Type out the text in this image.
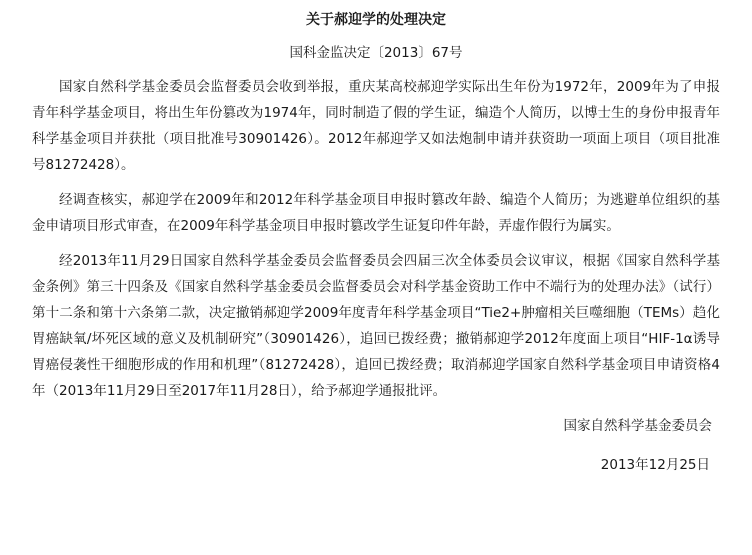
关于郝迎学的处理决定

国科金监决定〔2013〕67号

国家自然科学基金委员会监督委员会收到举报，重庆某高校郝迎学实际出生年份为1972年，2009年为了申报青年科学基金项目，将出生年份篡改为1974年，同时制造了假的学生证，编造个人简历，以博士生的身份申报青年科学基金项目并获批（项目批准号30901426）。2012年郝迎学又如法炮制申请并获资助一项面上项目（项目批准号81272428）。

经调查核实，郝迎学在2009年和2012年科学基金项目申报时篡改年龄、编造个人简历；为逃避单位组织的基金申请项目形式审查，在2009年科学基金项目申报时篡改学生证复印件年龄，弄虚作假行为属实。

经2013年11月29日国家自然科学基金委员会监督委员会四届三次全体委员会议审议，根据《国家自然科学基金条例》第三十四条及《国家自然科学基金委员会监督委员会对科学基金资助工作中不端行为的处理办法》（试行）第十二条和第十六条第二款，决定撤销郝迎学2009年度青年科学基金项目“Tie2+肿瘤相关巨噬细胞（TEMs）趋化胃癌缺氧/坏死区域的意义及机制研究”（30901426），追回已拨经费；撤销郝迎学2012年度面上项目“HIF-1α诱导胃癌侵袭性干细胞形成的作用和机理”（81272428），追回已拨经费；取消郝迎学国家自然科学基金项目申请资格4年（2013年11月29日至2017年11月28日），给予郝迎学通报批评。

国家自然科学基金委员会

2013年12月25日
